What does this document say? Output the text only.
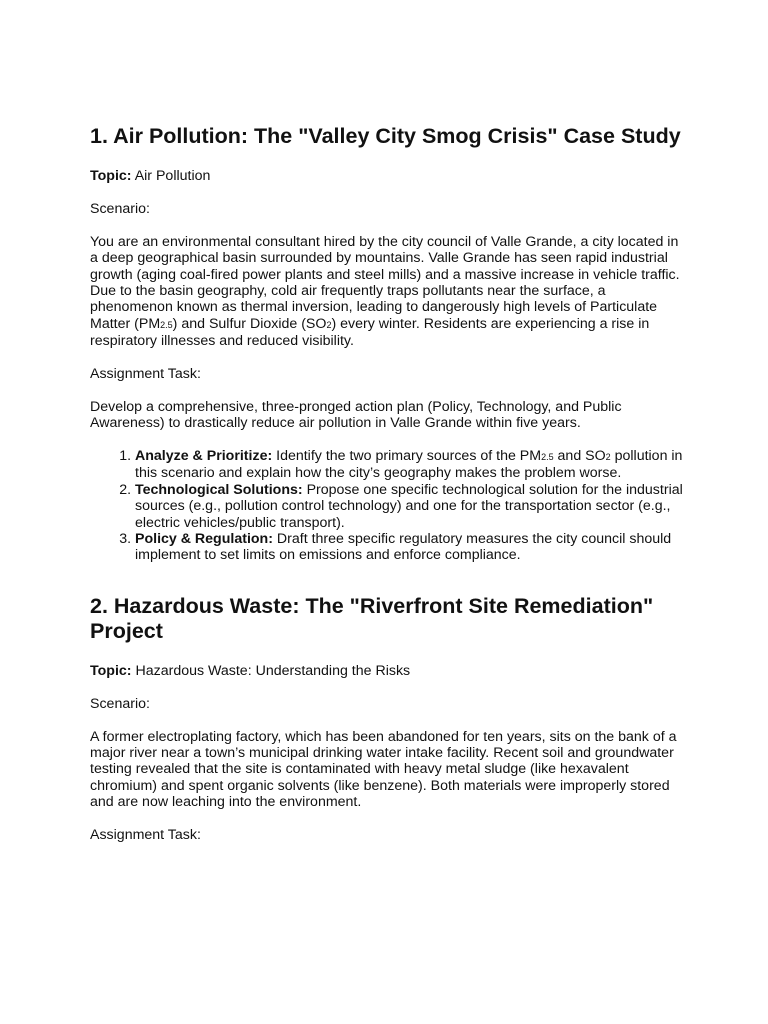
1. Air Pollution: The "Valley City Smog Crisis" Case Study

Topic: Air Pollution

Scenario:

You are an environmental consultant hired by the city council of Valle Grande, a city located in a deep geographical basin surrounded by mountains. Valle Grande has seen rapid industrial growth (aging coal-fired power plants and steel mills) and a massive increase in vehicle traffic. Due to the basin geography, cold air frequently traps pollutants near the surface, a phenomenon known as thermal inversion, leading to dangerously high levels of Particulate Matter (PM2.5) and Sulfur Dioxide (SO2) every winter. Residents are experiencing a rise in respiratory illnesses and reduced visibility.

Assignment Task:

Develop a comprehensive, three-pronged action plan (Policy, Technology, and Public Awareness) to drastically reduce air pollution in Valle Grande within five years.

1. Analyze & Prioritize: Identify the two primary sources of the PM2.5 and SO2 pollution in this scenario and explain how the city’s geography makes the problem worse.
2. Technological Solutions: Propose one specific technological solution for the industrial sources (e.g., pollution control technology) and one for the transportation sector (e.g., electric vehicles/public transport).
3. Policy & Regulation: Draft three specific regulatory measures the city council should implement to set limits on emissions and enforce compliance.
2. Hazardous Waste: The "Riverfront Site Remediation" Project

Topic: Hazardous Waste: Understanding the Risks

Scenario:

A former electroplating factory, which has been abandoned for ten years, sits on the bank of a major river near a town’s municipal drinking water intake facility. Recent soil and groundwater testing revealed that the site is contaminated with heavy metal sludge (like hexavalent chromium) and spent organic solvents (like benzene). Both materials were improperly stored and are now leaching into the environment.

Assignment Task:
